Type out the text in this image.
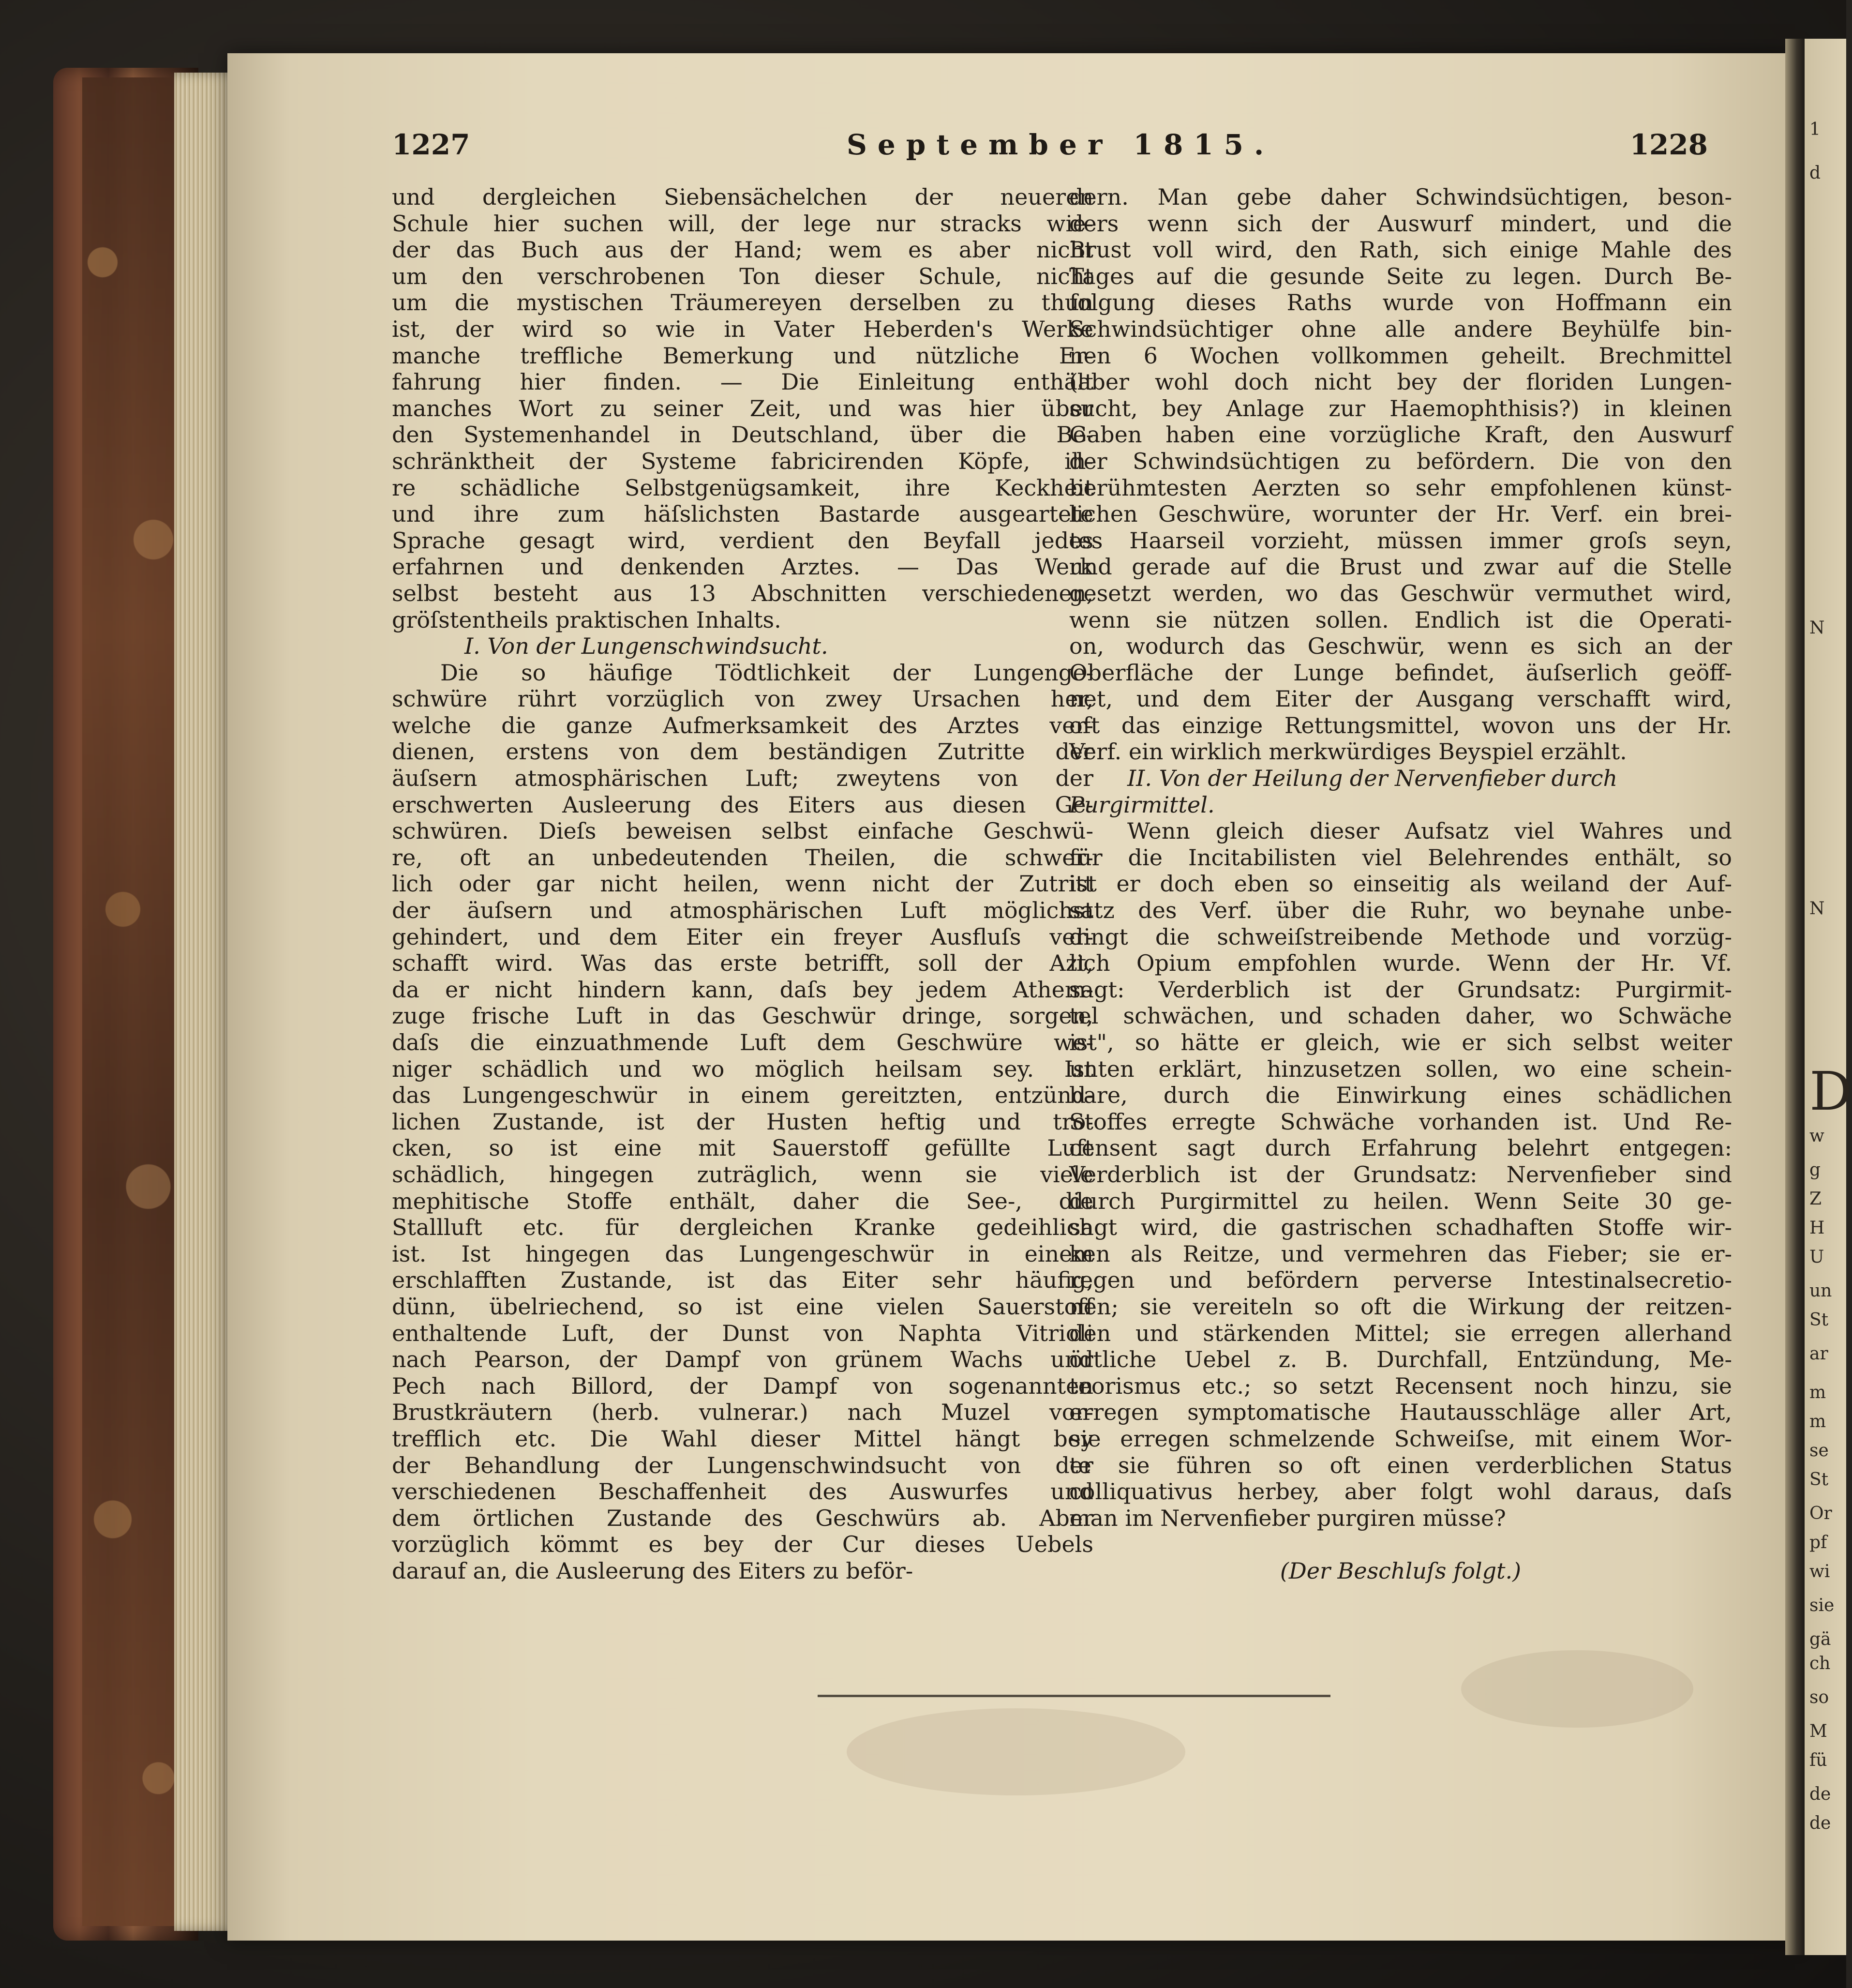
1
d
N
N
D
w
g
Z
H
U
un
St
ar
m
m
se
St
Or
pf
wi
sie
gä
ch
so
M
fü
de
de
1227	September 1815.	1228
und dergleichen Siebensächelchen der neueren
Schule hier suchen will, der lege nur stracks wie-
der das Buch aus der Hand; wem es aber nicht
um den verschrobenen Ton dieser Schule, nicht
um die mystischen Träumereyen derselben zu thun
ist, der wird so wie in Vater Heberden's Werke
manche treffliche Bemerkung und nützliche Er-
fahrung hier finden. — Die Einleitung enthält
manches Wort zu seiner Zeit, und was hier über
den Systemenhandel in Deutschland, über die Be-
schränktheit der Systeme fabricirenden Köpfe, ih-
re schädliche Selbstgenügsamkeit, ihre Keckheit
und ihre zum häſslichsten Bastarde ausgeartete
Sprache gesagt wird, verdient den Beyfall jedes
erfahrnen und denkenden Arztes. — Das Werk
selbst besteht aus 13 Abschnitten verschiedenen,
gröſstentheils praktischen Inhalts.
I. Von der Lungenschwindsucht.
Die so häufige Tödtlichkeit der Lungenge-
schwüre rührt vorzüglich von zwey Ursachen her,
welche die ganze Aufmerksamkeit des Arztes ver-
dienen, erstens von dem beständigen Zutritte der
äuſsern atmosphärischen Luft; zweytens von der
erschwerten Ausleerung des Eiters aus diesen Ge-
schwüren. Dieſs beweisen selbst einfache Geschwü-
re, oft an unbedeutenden Theilen, die schwer-
lich oder gar nicht heilen, wenn nicht der Zutritt
der äuſsern und atmosphärischen Luft möglichst
gehindert, und dem Eiter ein freyer Ausfluſs ver-
schafft wird. Was das erste betrifft, soll der Azt,
da er nicht hindern kann, daſs bey jedem Athem-
zuge frische Luft in das Geschwür dringe, sorgen,
daſs die einzuathmende Luft dem Geschwüre we-
niger schädlich und wo möglich heilsam sey. Ist
das Lungengeschwür in einem gereitzten, entzünd-
lichen Zustande, ist der Husten heftig und tro-
cken, so ist eine mit Sauerstoff gefüllte Luft
schädlich, hingegen zuträglich, wenn sie viele
mephitische Stoffe enthält, daher die See-, die
Stallluft etc. für dergleichen Kranke gedeihlich
ist. Ist hingegen das Lungengeschwür in einem
erschlafften Zustande, ist das Eiter sehr häufig,
dünn, übelriechend, so ist eine vielen Sauerstoff
enthaltende Luft, der Dunst von Naphta Vitrioli
nach Pearson, der Dampf von grünem Wachs und
Pech nach Billord, der Dampf von sogenannten
Brustkräutern (herb. vulnerar.) nach Muzel vor-
trefflich etc. Die Wahl dieser Mittel hängt bey
der Behandlung der Lungenschwindsucht von der
verschiedenen Beschaffenheit des Auswurfes und
dem örtlichen Zustande des Geschwürs ab. Aber
vorzüglich kömmt es bey der Cur dieses Uebels
darauf an, die Ausleerung des Eiters zu beför-
dern. Man gebe daher Schwindsüchtigen, beson-
ders wenn sich der Auswurf mindert, und die
Brust voll wird, den Rath, sich einige Mahle des
Tages auf die gesunde Seite zu legen. Durch Be-
folgung dieses Raths wurde von Hoffmann ein
Schwindsüchtiger ohne alle andere Beyhülfe bin-
nen 6 Wochen vollkommen geheilt. Brechmittel
(aber wohl doch nicht bey der floriden Lungen-
sucht, bey Anlage zur Haemophthisis?) in kleinen
Gaben haben eine vorzügliche Kraft, den Auswurf
der Schwindsüchtigen zu befördern. Die von den
berühmtesten Aerzten so sehr empfohlenen künst-
lichen Geschwüre, worunter der Hr. Verf. ein brei-
tes Haarseil vorzieht, müssen immer groſs seyn,
und gerade auf die Brust und zwar auf die Stelle
gesetzt werden, wo das Geschwür vermuthet wird,
wenn sie nützen sollen. Endlich ist die Operati-
on, wodurch das Geschwür, wenn es sich an der
Oberfläche der Lunge befindet, äuſserlich geöff-
net, und dem Eiter der Ausgang verschafft wird,
oft das einzige Rettungsmittel, wovon uns der Hr.
Verf. ein wirklich merkwürdiges Beyspiel erzählt.
II. Von der Heilung der Nervenfieber durch
Purgirmittel.
Wenn gleich dieser Aufsatz viel Wahres und
für die Incitabilisten viel Belehrendes enthält, so
ist er doch eben so einseitig als weiland der Auf-
satz des Verf. über die Ruhr, wo beynahe unbe-
dingt die schweiſstreibende Methode und vorzüg-
lich Opium empfohlen wurde. Wenn der Hr. Vf.
sagt: Verderblich ist der Grundsatz: Purgirmit-
tel schwächen, und schaden daher, wo Schwäche
ist", so hätte er gleich, wie er sich selbst weiter
unten erklärt, hinzusetzen sollen, wo eine schein-
bare, durch die Einwirkung eines schädlichen
Stoffes erregte Schwäche vorhanden ist. Und Re-
censent sagt durch Erfahrung belehrt entgegen:
Verderblich ist der Grundsatz: Nervenfieber sind
durch Purgirmittel zu heilen. Wenn Seite 30 ge-
sagt wird, die gastrischen schadhaften Stoffe wir-
ken als Reitze, und vermehren das Fieber; sie er-
regen und befördern perverse Intestinalsecretio-
nen; sie vereiteln so oft die Wirkung der reitzen-
den und stärkenden Mittel; sie erregen allerhand
örtliche Uebel z. B. Durchfall, Entzündung, Me-
teorismus etc.; so setzt Recensent noch hinzu, sie
erregen symptomatische Hautausschläge aller Art,
sie erregen schmelzende Schweiſse, mit einem Wor-
te sie führen so oft einen verderblichen Status
colliquativus herbey, aber folgt wohl daraus, daſs
man im Nervenfieber purgiren müsse?
(Der Beschluſs folgt.)
